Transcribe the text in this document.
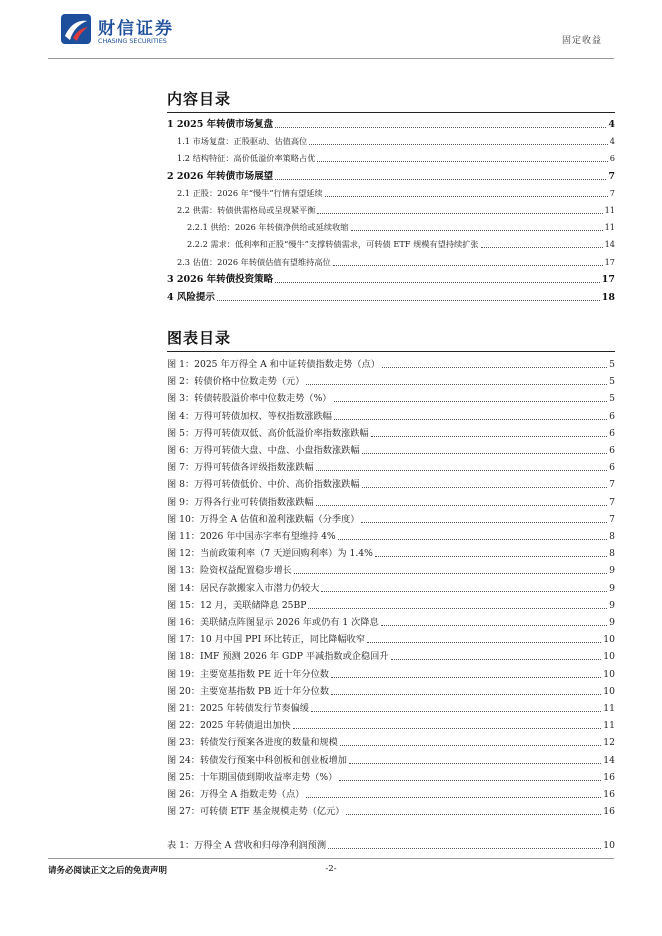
财信证券
CHASING SECURITIES	固定收益
内容目录
1 2025 年转债市场复盘	4
1.1 市场复盘：正股驱动、估值高位	4
1.2 结构特征：高价低溢价率策略占优	6
2 2026 年转债市场展望	7
2.1 正股：2026 年“慢牛”行情有望延续	7
2.2 供需：转债供需格局或呈现紧平衡	11
2.2.1 供给：2026 年转债净供给或延续收缩	11
2.2.2 需求：低利率和正股“慢牛”支撑转债需求，可转债 ETF 规模有望持续扩张	14
2.3 估值：2026 年转债估值有望维持高位	17
3 2026 年转债投资策略	17
4 风险提示	18
图表目录
图 1：2025 年万得全 A 和中证转债指数走势（点）	5
图 2：转债价格中位数走势（元）	5
图 3：转债转股溢价率中位数走势（%）	5
图 4：万得可转债加权、等权指数涨跌幅	6
图 5：万得可转债双低、高价低溢价率指数涨跌幅	6
图 6：万得可转债大盘、中盘、小盘指数涨跌幅	6
图 7：万得可转债各评级指数涨跌幅	6
图 8：万得可转债低价、中价、高价指数涨跌幅	7
图 9：万得各行业可转债指数涨跌幅	7
图 10：万得全 A 估值和盈利涨跌幅（分季度）	7
图 11：2026 年中国赤字率有望维持 4%	8
图 12：当前政策利率（7 天逆回购利率）为 1.4%	8
图 13：险资权益配置稳步增长	9
图 14：居民存款搬家入市潜力仍较大	9
图 15：12 月，美联储降息 25BP	9
图 16：美联储点阵图显示 2026 年或仍有 1 次降息	9
图 17：10 月中国 PPI 环比转正，同比降幅收窄	10
图 18：IMF 预测 2026 年 GDP 平减指数或企稳回升	10
图 19：主要宽基指数 PE 近十年分位数	10
图 20：主要宽基指数 PB 近十年分位数	10
图 21：2025 年转债发行节奏偏缓	11
图 22：2025 年转债退出加快	11
图 23：转债发行预案各进度的数量和规模	12
图 24：转债发行预案中科创板和创业板增加	14
图 25：十年期国债到期收益率走势（%）	16
图 26：万得全 A 指数走势（点）	16
图 27：可转债 ETF 基金规模走势（亿元）	16
表 1：万得全 A 营收和归母净利润预测	10
请务必阅读正文之后的免责声明	-2-
